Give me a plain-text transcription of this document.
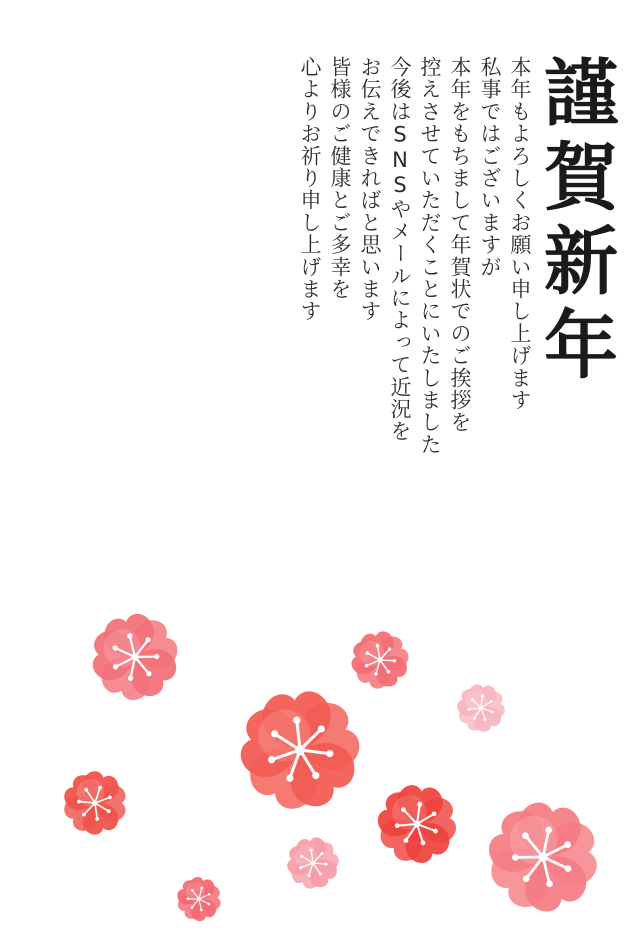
心よりお祈り申し上げます 皆様のご健康とご多幸を お伝えできればと思います 今後はSNSやメールによって近況を 控えさせていただくことにいたしました 本年をもちまして年賀状でのご挨拶を 私事ではございますが 本年もよろしくお願い申し上げます 謹賀新年
